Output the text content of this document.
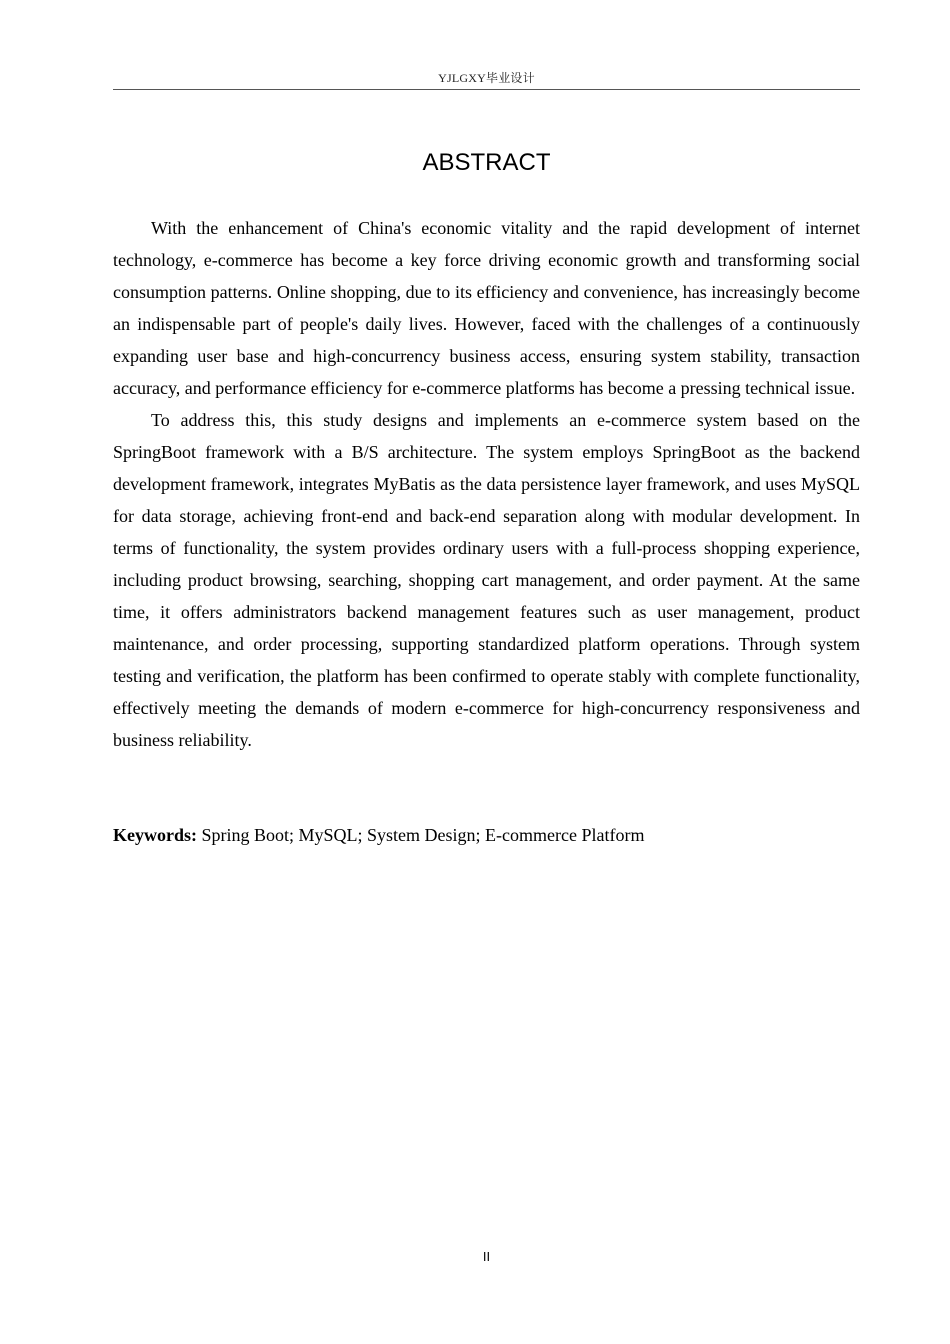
YJLGXY毕业设计
ABSTRACT

With the enhancement of China's economic vitality and the rapid development of internet technology, e-commerce has become a key force driving economic growth and transforming social consumption patterns. Online shopping, due to its efficiency and convenience, has increasingly become an indispensable part of people's daily lives. However, faced with the challenges of a continuously expanding user base and high-concurrency business access, ensuring system stability, transaction accuracy, and performance efficiency for e-commerce platforms has become a pressing technical issue.

To address this, this study designs and implements an e-commerce system based on the SpringBoot framework with a B/S architecture. The system employs SpringBoot as the backend development framework, integrates MyBatis as the data persistence layer framework, and uses MySQL for data storage, achieving front-end and back-end separation along with modular development. In terms of functionality, the system provides ordinary users with a full-process shopping experience, including product browsing, searching, shopping cart management, and order payment. At the same time, it offers administrators backend management features such as user management, product maintenance, and order processing, supporting standardized platform operations. Through system testing and verification, the platform has been confirmed to operate stably with complete functionality, effectively meeting the demands of modern e-commerce for high-concurrency responsiveness and business reliability.

Keywords: Spring Boot; MySQL; System Design; E-commerce Platform
II
